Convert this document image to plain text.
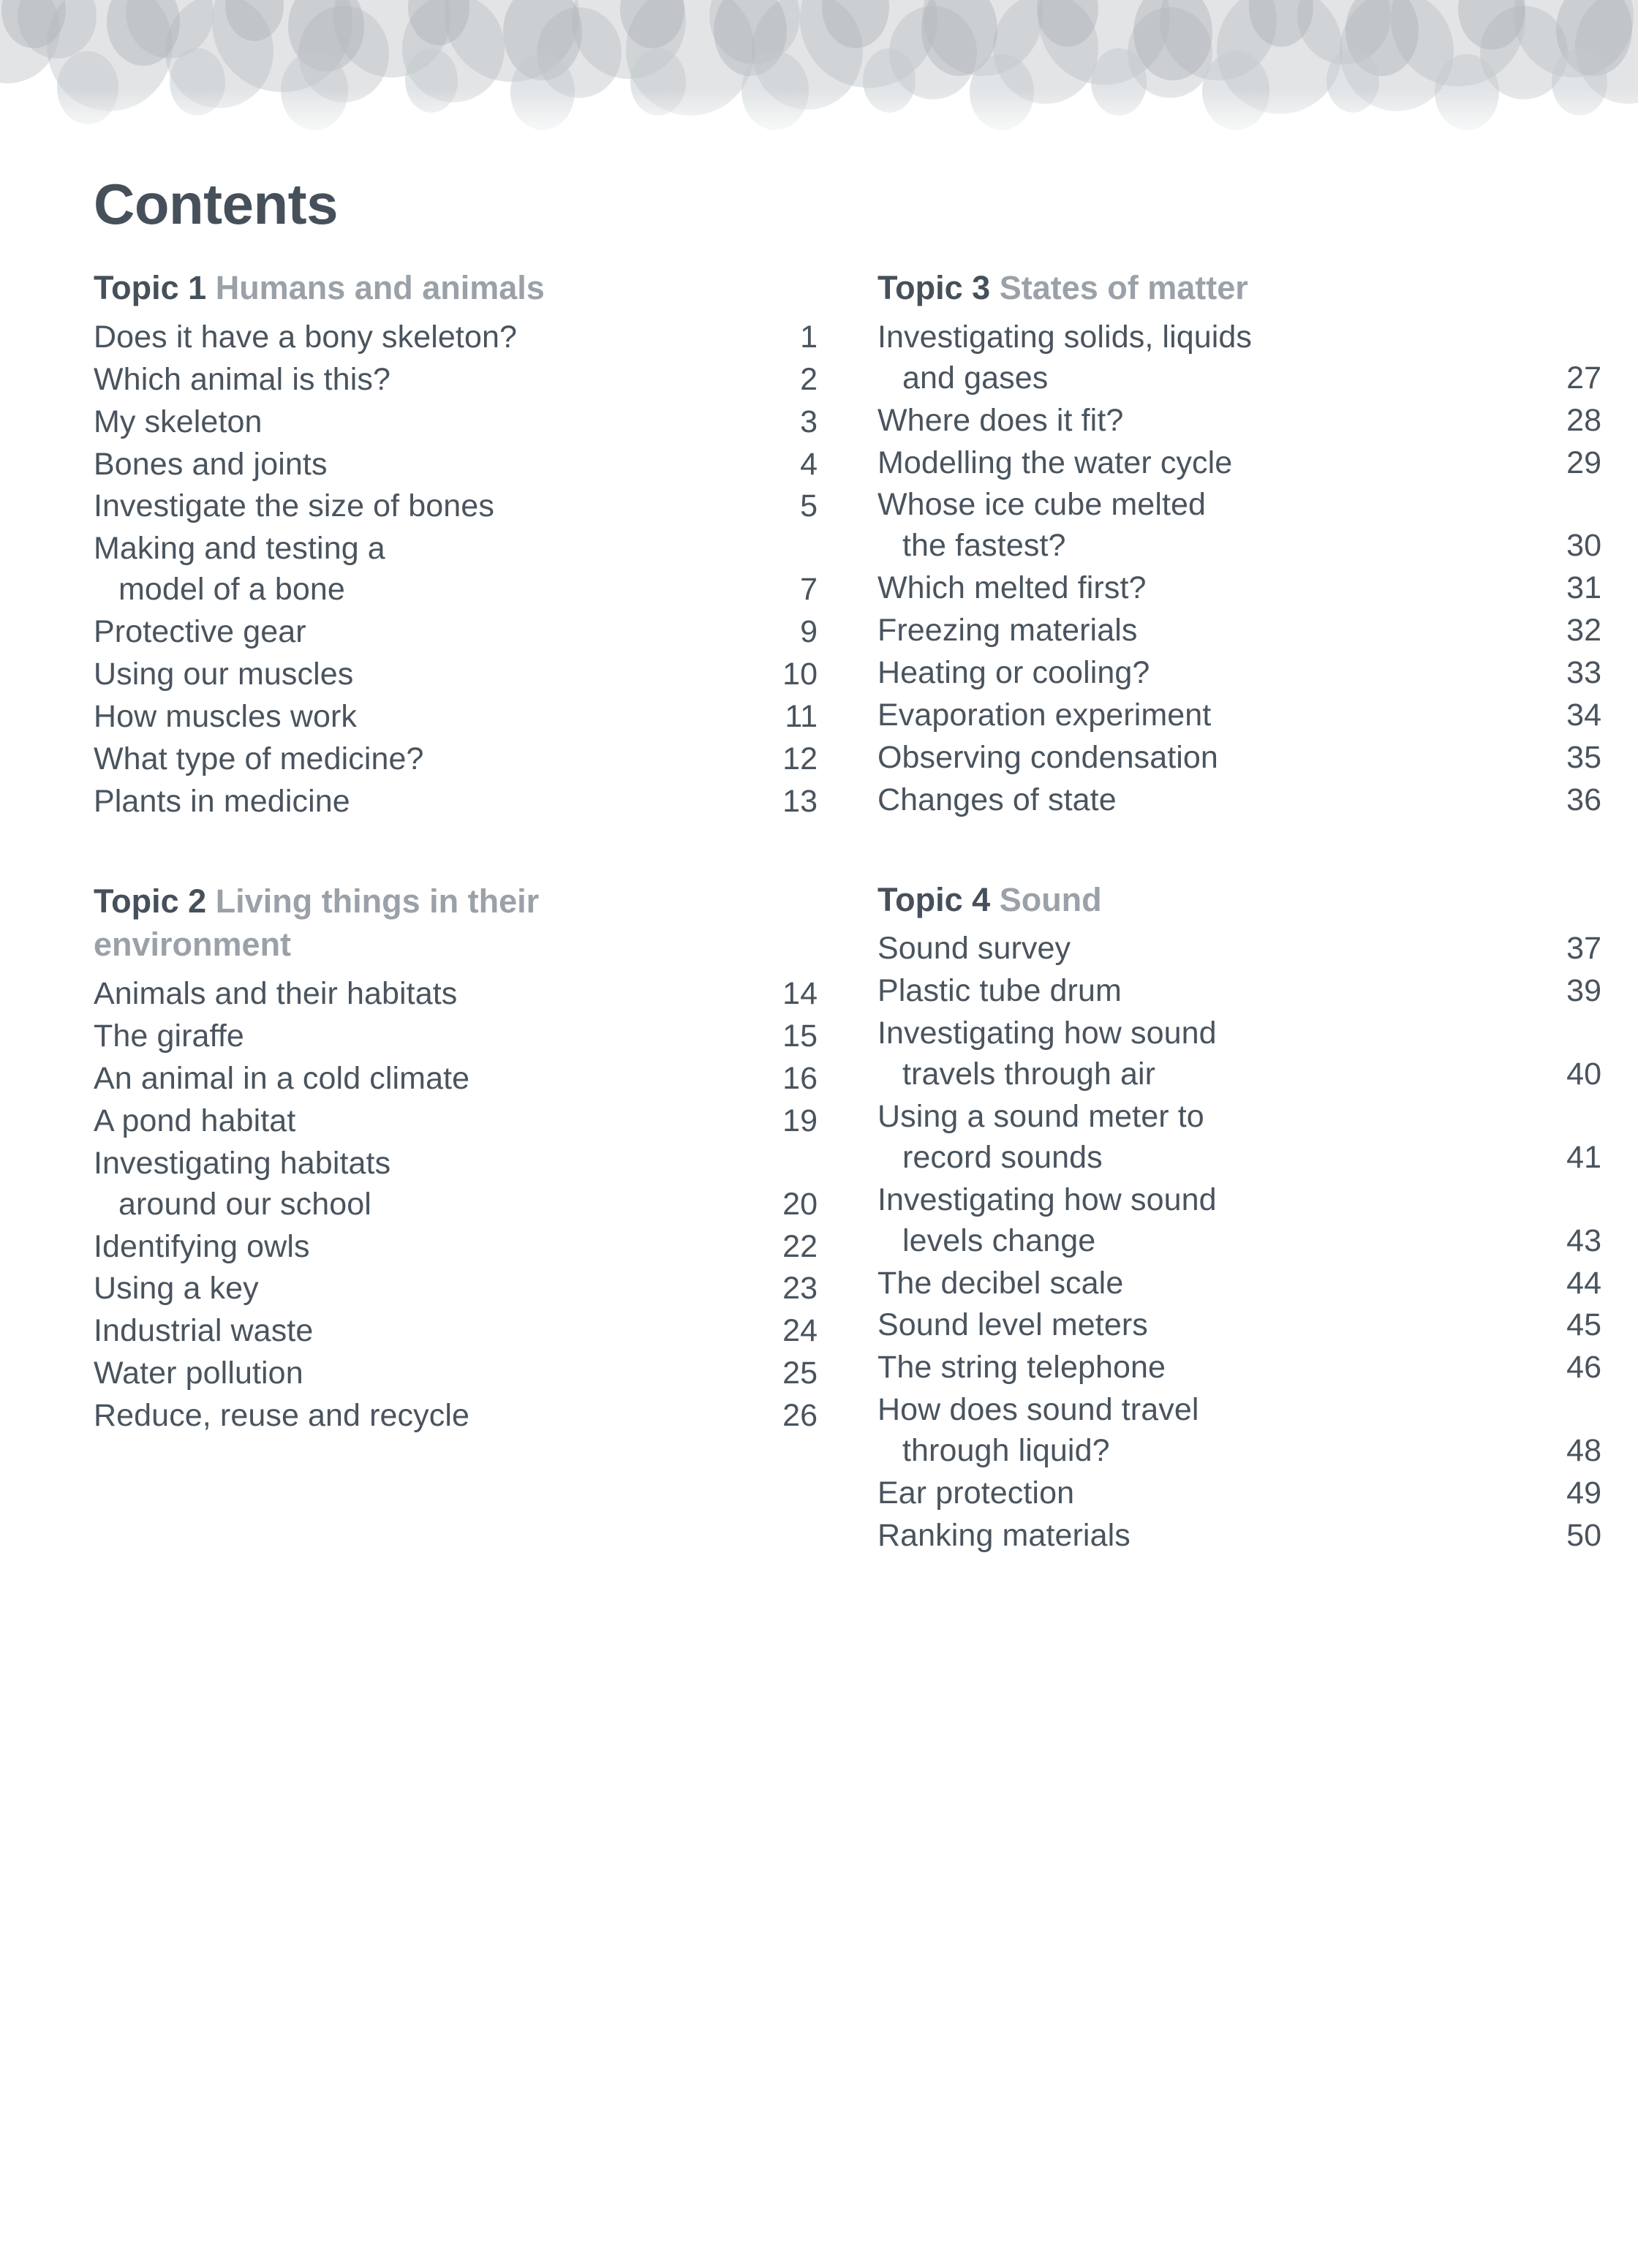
Contents
Topic 1 Humans and animals
Does it have a bony skeleton?	1
Which animal is this?	2
My skeleton	3
Bones and joints	4
Investigate the size of bones	5
Making and testing a
model of a bone	7
Protective gear	9
Using our muscles	10
How muscles work	11
What type of medicine?	12
Plants in medicine	13
Topic 2 Living things in their environment
Animals and their habitats	14
The giraffe	15
An animal in a cold climate	16
A pond habitat	19
Investigating habitats
around our school	20
Identifying owls	22
Using a key	23
Industrial waste	24
Water pollution	25
Reduce, reuse and recycle	26
Topic 3 States of matter
Investigating solids, liquids
and gases	27
Where does it fit?	28
Modelling the water cycle	29
Whose ice cube melted
the fastest?	30
Which melted first?	31
Freezing materials	32
Heating or cooling?	33
Evaporation experiment	34
Observing condensation	35
Changes of state	36
Topic 4 Sound
Sound survey	37
Plastic tube drum	39
Investigating how sound
travels through air	40
Using a sound meter to
record sounds	41
Investigating how sound
levels change	43
The decibel scale	44
Sound level meters	45
The string telephone	46
How does sound travel
through liquid?	48
Ear protection	49
Ranking materials	50
